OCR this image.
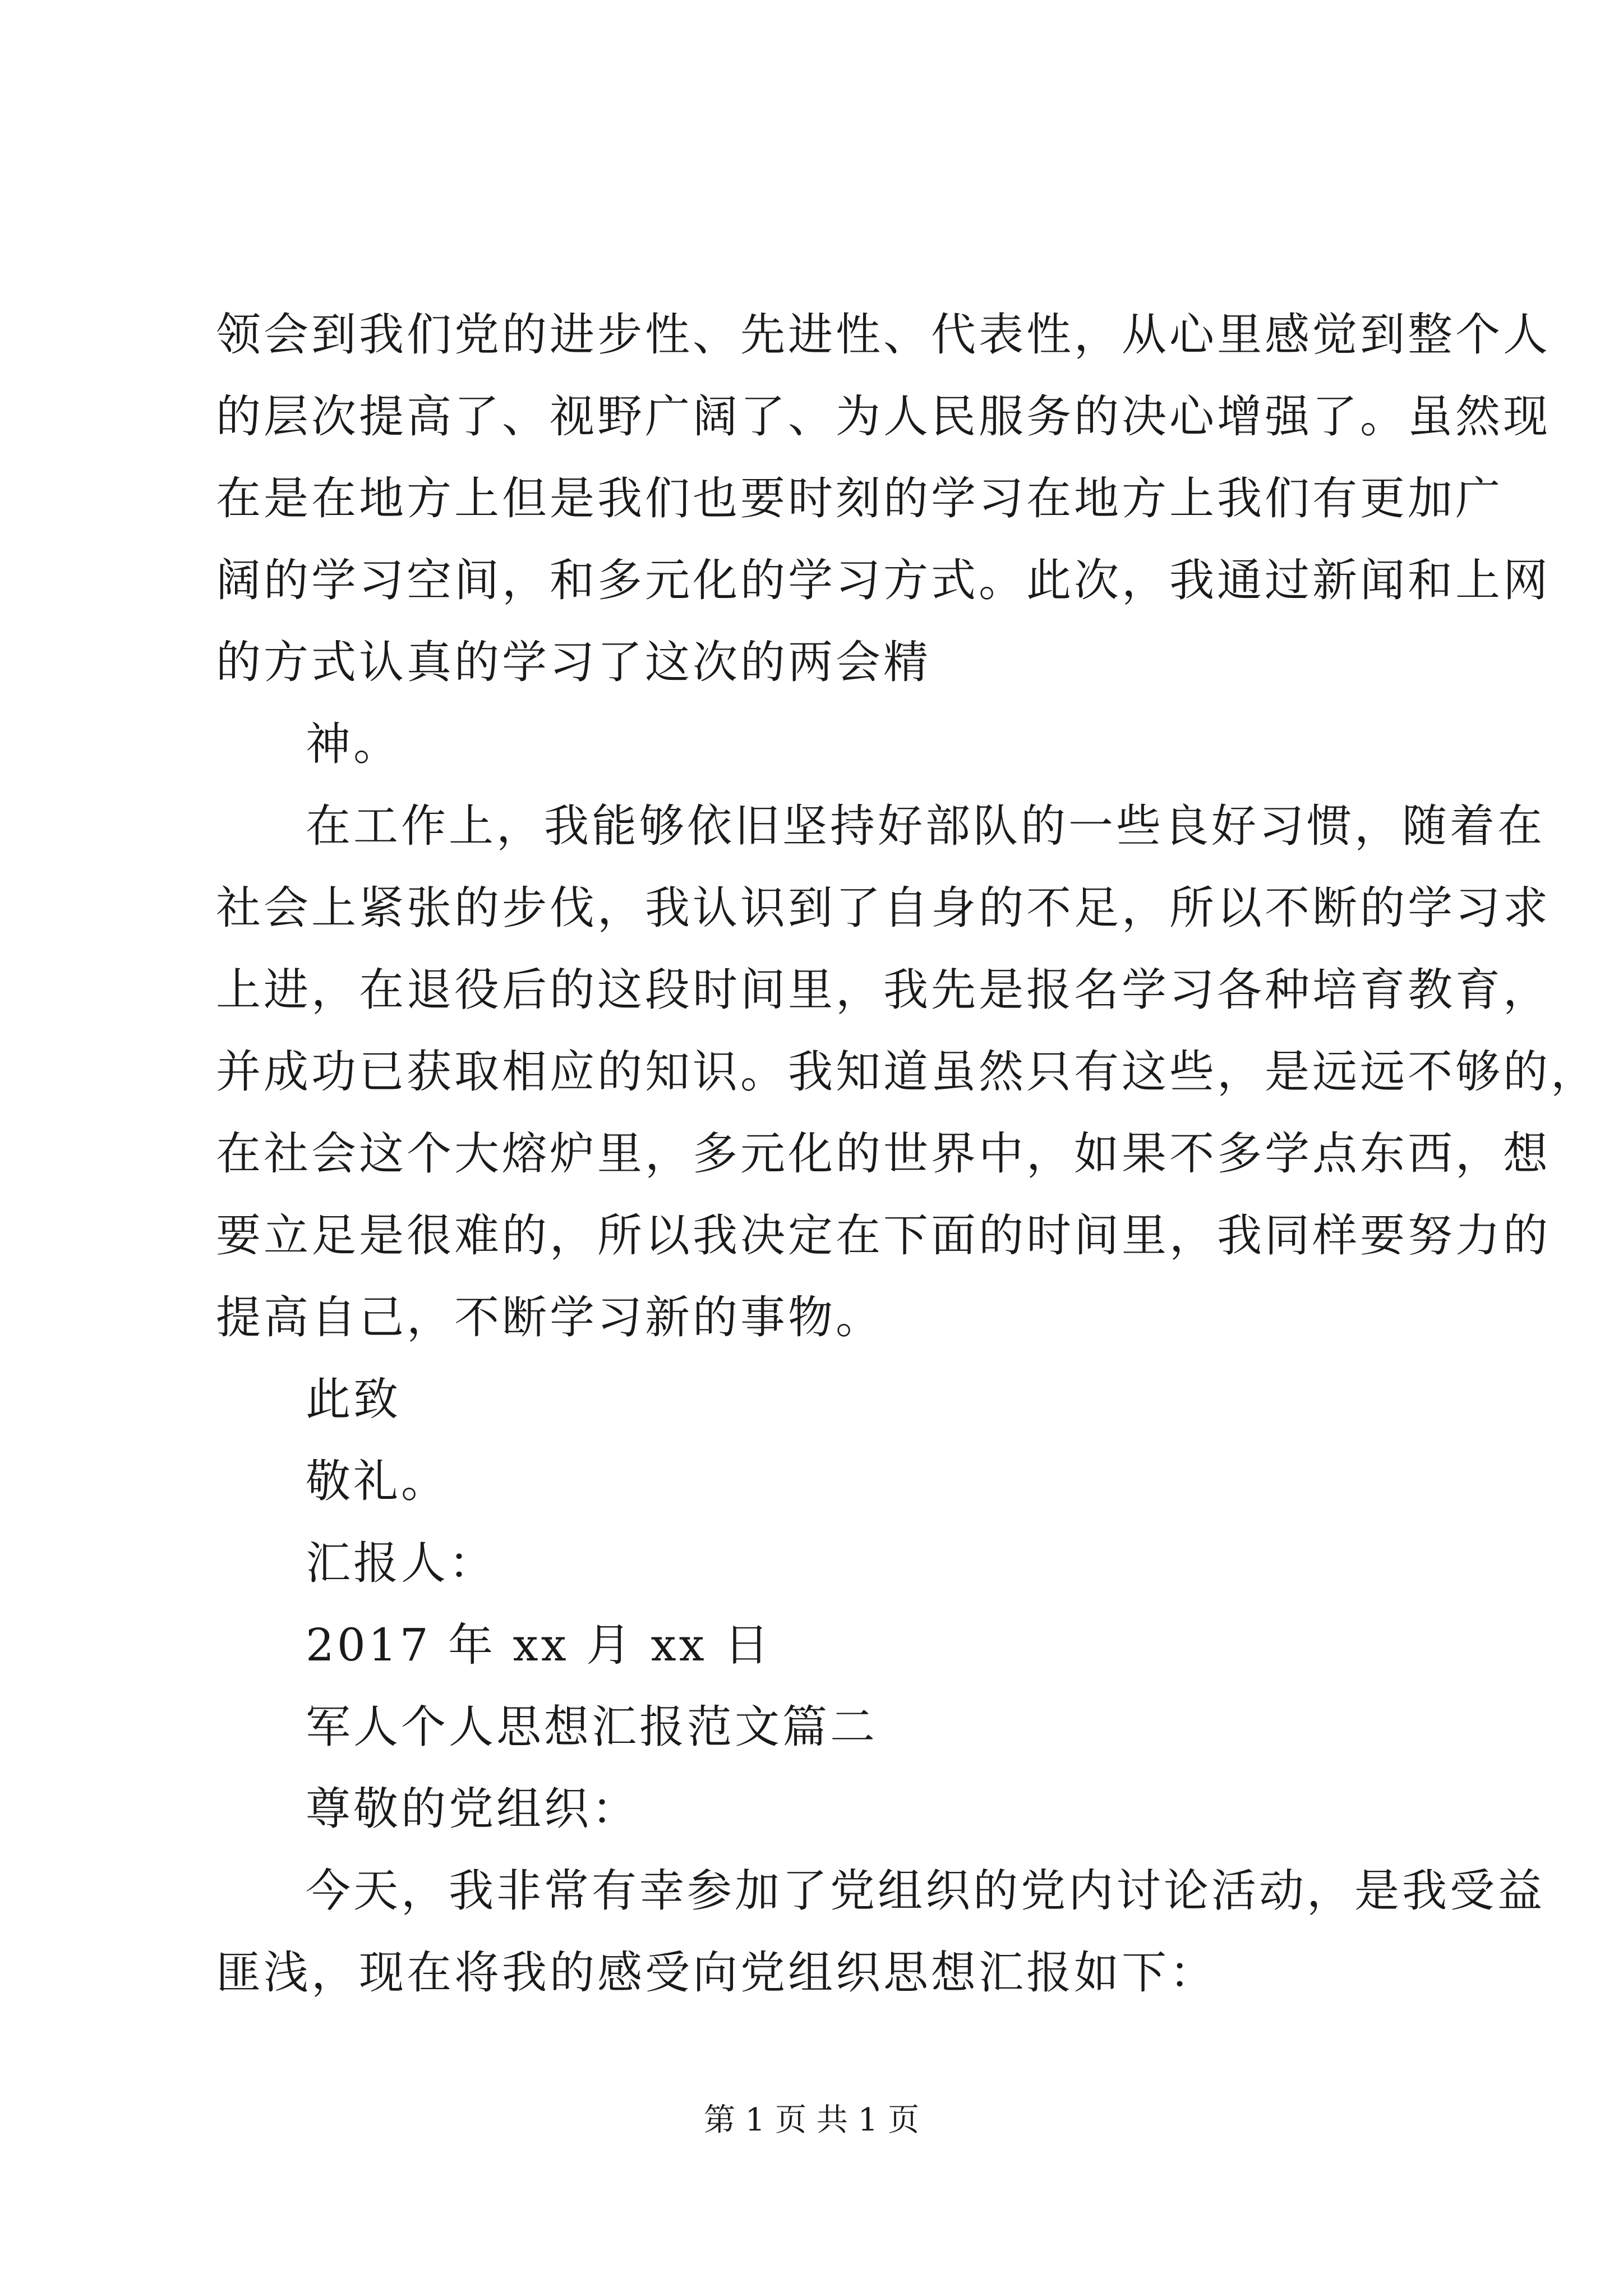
领会到我们党的进步性、先进性、代表性，从心里感觉到整个人
的层次提高了、视野广阔了、为人民服务的决心增强了。虽然现
在是在地方上但是我们也要时刻的学习在地方上我们有更加广
阔的学习空间，和多元化的学习方式。此次，我通过新闻和上网
的方式认真的学习了这次的两会精
神。
在工作上，我能够依旧坚持好部队的一些良好习惯，随着在
社会上紧张的步伐，我认识到了自身的不足，所以不断的学习求
上进，在退役后的这段时间里，我先是报名学习各种培育教育，
并成功已获取相应的知识。我知道虽然只有这些，是远远不够的，
在社会这个大熔炉里，多元化的世界中，如果不多学点东西，想
要立足是很难的，所以我决定在下面的时间里，我同样要努力的
提高自己，不断学习新的事物。
此致
敬礼。
汇报人：
2017 年 xx 月 xx 日
军人个人思想汇报范文篇二
尊敬的党组织：
今天，我非常有幸参加了党组织的党内讨论活动，是我受益
匪浅，现在将我的感受向党组织思想汇报如下：
第 1 页 共 1 页
